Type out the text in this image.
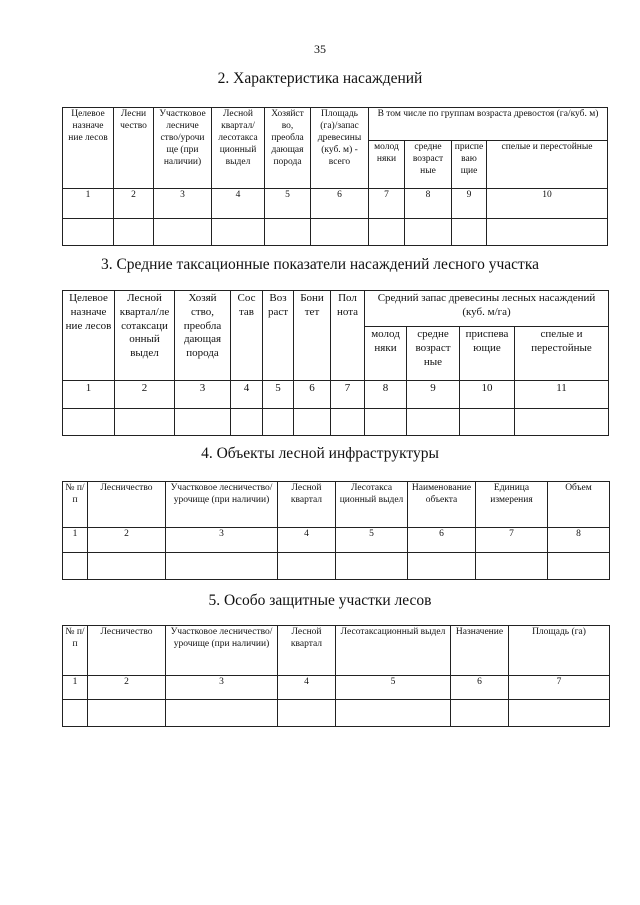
35
2. Характеристика насаждений
Целевое назначе ние лесов	Лесни чество	Участковое лесниче ство/урочи ще (при наличии)	Лесной квартал/ лесотакса ционный выдел	Хозяйст во, преобла дающая порода	Площадь (га)/запас древесины (куб. м) - всего	В том числе по группам возраста древостоя (га/куб. м)			
						молод няки	средне возраст ные	приспе ваю щие	спелые и перестойные
1	2	3	4	5	6	7	8	9	10

3. Средние таксационные показатели насаждений лесного участка
Целевое назначе ние лесов	Лесной квартал/ле сотаксаци онный выдел	Хозяй ство, преобла дающая порода	Сос тав	Воз раст	Бони тет	Пол нота	Средний запас древесины лесных насаждений (куб. м/га)			
							молод няки	средне возраст ные	приспева ющие	спелые и перестойные
1	2	3	4	5	6	7	8	9	10	11

4. Объекты лесной инфраструктуры
№ п/п	Лесничество	Участковое лесничество/ урочище (при наличии)	Лесной квартал	Лесотакса ционный выдел	Наименование объекта	Единица измерения	Объем
1	2	3	4	5	6	7	8

5. Особо защитные участки лесов
№ п/п	Лесничество	Участковое лесничество/урочище (при наличии)	Лесной квартал	Лесотаксационный выдел	Назначение	Площадь (га)
1	2	3	4	5	6	7
